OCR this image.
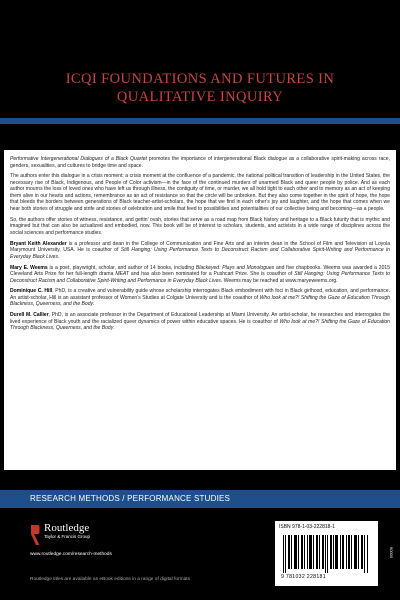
ICQI FOUNDATIONS AND FUTURES IN QUALITATIVE INQUIRY

Performative Intergenerational Dialogues of a Black Quartet promotes the importance of intergenerational Black dialogue as a collaborative spirit-making across race, genders, sexualities, and cultures to bridge time and space.

The authors enter this dialogue in a crisis moment: a crisis moment at the confluence of a pandemic, the national political transition of leadership in the United States, the necessary rise of Black, Indigenous, and People of Color activism—in the face of the continued murders of unarmed Black and queer people by police. And as each author mourns the loss of loved ones who have left us through illness, the contiguity of time, or murder, we all hold tight to each other and to memory as an act of keeping them alive in our hearts and actions, remembrance as an act of resistance so that the circle will be unbroken. But they also come together in the spirit of hope, the hope that bleeds the borders between generations of Black teacher-artist-scholars, the hope that we find in each other's joy and laughter, and the hope that comes when we hear both stories of struggle and strife and stories of celebration and smile that feed to possibilities and potentialities of our collective being and becoming—as a people.

So, the authors offer stories of witness, resistance, and gettin' ovah, stories that serve as a road map from Black history and heritage to a Black futurity that is mythic and imagined but that can also be actualized and embodied, now. This book will be of interest to scholars, students, and activists in a wide range of disciplines across the social sciences and performance studies.

Bryant Keith Alexander is a professor and dean in the College of Communication and Fine Arts and an interim dean in the School of Film and Television at Loyola Marymount University, USA. He is coauthor of Still Hanging: Using Performance Texts to Deconstruct Racism and Collaborative Spirit-Writing and Performance in Everyday Black Lives.

Mary E. Weems is a poet, playwright, scholar, and author of 14 books, including Blackeyed: Plays and Monologues and five chapbooks. Weems was awarded a 2015 Cleveland Arts Prize for her full-length drama MEAT and has also been nominated for a Pushcart Prize. She is coauthor of Still Hanging: Using Performance Texts to Deconstruct Racism and Collaborative Spirit-Writing and Performance in Everyday Black Lives. Weems may be reached at www.maryeweems.org.

Dominique C. Hill, PhD, is a creative and vulnerability guide whose scholarship interrogates Black embodiment with foci in Black girlhood, education, and performance. An artist-scholar, Hill is an assistant professor of Women's Studies at Colgate University and is the coauthor of Who look at me?! Shifting the Gaze of Education Through Blackness, Queerness, and the Body.

Durell M. Callier, PhD, is an associate professor in the Department of Educational Leadership at Miami University. An artist-scholar, he researches and interrogates the lived experience of Black youth and the racialized queer dynamics of power within educative spaces. He is coauthor of Who look at me?! Shifting the Gaze of Education Through Blackness, Queerness, and the Body.

RESEARCH METHODS / PERFORMANCE STUDIES
Routledge
Taylor & Francis Group
www.routledge.com/research-methods
Routledge titles are available as eBook editions in a range of digital formats
ISBN 978-1-03-222818-1
9 781032 228181
90000
